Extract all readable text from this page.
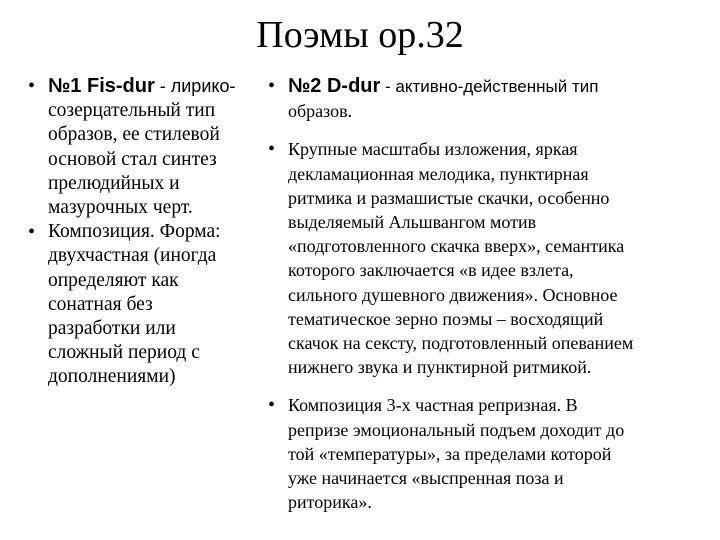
Поэмы ор.32
• №1 Fis-dur - лирико-
созерцательный тип
образов, ее стилевой
основой стал синтез
прелюдийных и
мазурочных черт.
• Композиция. Форма:
двухчастная (иногда
определяют как
сонатная без
разработки или
сложный период с
дополнениями)
• №2 D-dur - активно-действенный тип
образов.
• Крупные масштабы изложения, яркая
декламационная мелодика, пунктирная
ритмика и размашистые скачки, особенно
выделяемый Альшвангом мотив
«подготовленного скачка вверх», семантика
которого заключается «в идее взлета,
сильного душевного движения». Основное
тематическое зерно поэмы – восходящий
скачок на сексту, подготовленный опеванием
нижнего звука и пунктирной ритмикой.
• Композиция 3-х частная репризная. В
репризе эмоциональный подъем доходит до
той «температуры», за пределами которой
уже начинается «выспренная поза и
риторика».
